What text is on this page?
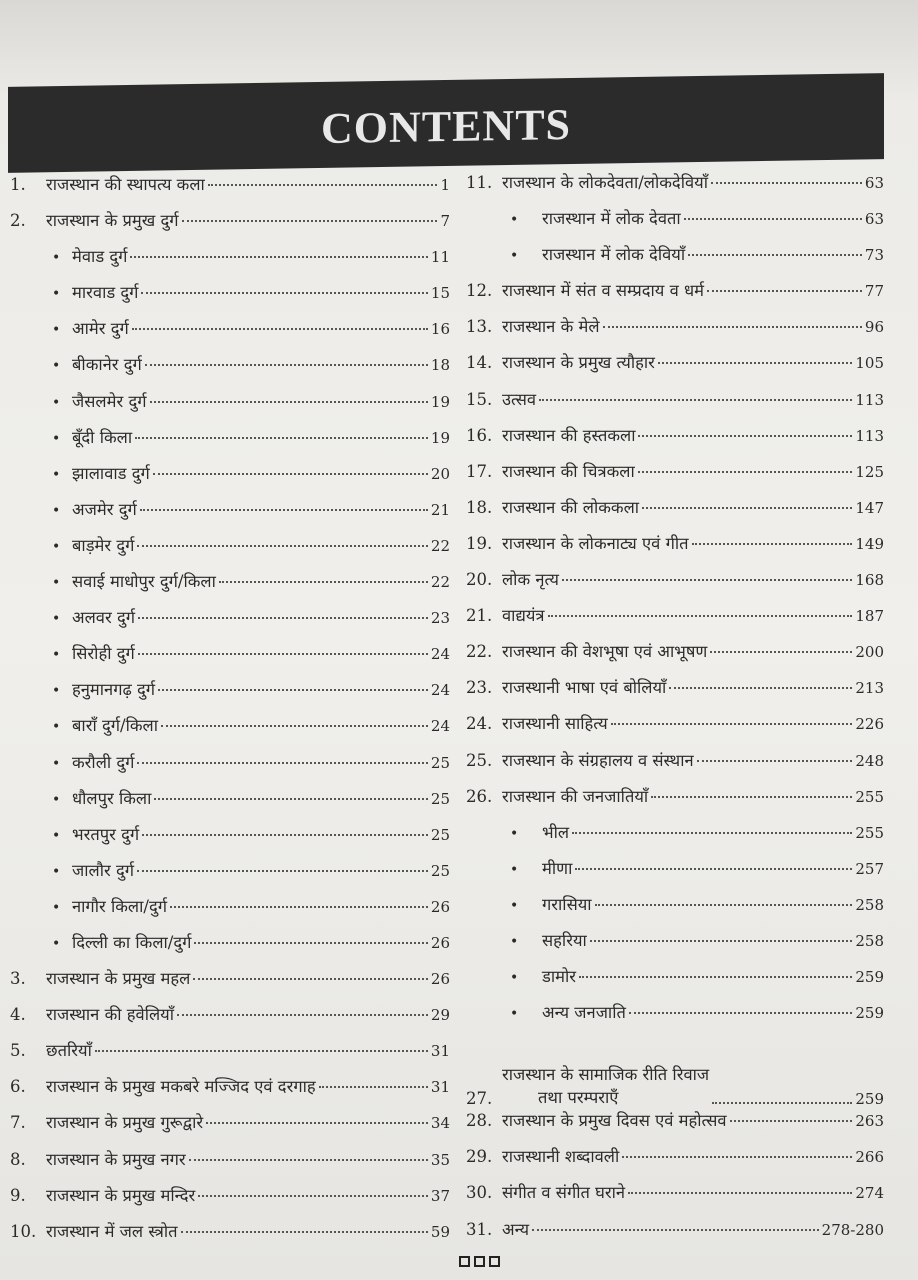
CONTENTS
1.	राजस्थान की स्थापत्य कला	1
2.	राजस्थान के प्रमुख दुर्ग	7
• मेवाड दुर्ग	11
• मारवाड दुर्ग	15
• आमेर दुर्ग	16
• बीकानेर दुर्ग	18
• जैसलमेर दुर्ग	19
• बूँदी किला	19
• झालावाड दुर्ग	20
• अजमेर दुर्ग	21
• बाड़मेर दुर्ग	22
• सवाई माधोपुर दुर्ग/किला	22
• अलवर दुर्ग	23
• सिरोही दुर्ग	24
• हनुमानगढ़ दुर्ग	24
• बाराँ दुर्ग/किला	24
• करौली दुर्ग	25
• धौलपुर किला	25
• भरतपुर दुर्ग	25
• जालौर दुर्ग	25
• नागौर किला/दुर्ग	26
• दिल्ली का किला/दुर्ग	26
3.	राजस्थान के प्रमुख महल	26
4.	राजस्थान की हवेलियाँ	29
5.	छतरियाँ	31
6.	राजस्थान के प्रमुख मकबरे मज्जिद एवं दरगाह	31
7.	राजस्थान के प्रमुख गुरूद्वारे	34
8.	राजस्थान के प्रमुख नगर	35
9.	राजस्थान के प्रमुख मन्दिर	37
10. राजस्थान में जल स्त्रोत	59
11. राजस्थान के लोकदेवता/लोकदेवियाँ	63
•	राजस्थान में लोक देवता	63
•	राजस्थान में लोक देवियाँ	73
12. राजस्थान में संत व सम्प्रदाय व धर्म	77
13. राजस्थान के मेले	96
14. राजस्थान के प्रमुख त्यौहार	105
15. उत्सव	113
16. राजस्थान की हस्तकला	113
17. राजस्थान की चित्रकला	125
18. राजस्थान की लोककला	147
19. राजस्थान के लोकनाट्य एवं गीत	149
20. लोक नृत्य	168
21. वाद्ययंत्र	187
22. राजस्थान की वेशभूषा एवं आभूषण	200
23. राजस्थानी भाषा एवं बोलियाँ	213
24. राजस्थानी साहित्य	226
25. राजस्थान के संग्रहालय व संस्थान	248
26. राजस्थान की जनजातियाँ	255
•	भील	255
•	मीणा	257
•	गरासिया	258
•	सहरिया	258
•	डामोर	259
•	अन्य जनजाति	259
27.
राजस्थान के सामाजिक रीति रिवाज
तथा परम्पराएँ	259
28. राजस्थान के प्रमुख दिवस एवं महोत्सव	263
29. राजस्थानी शब्दावली	266
30. संगीत व संगीत घराने	274
31. अन्य	278-280
